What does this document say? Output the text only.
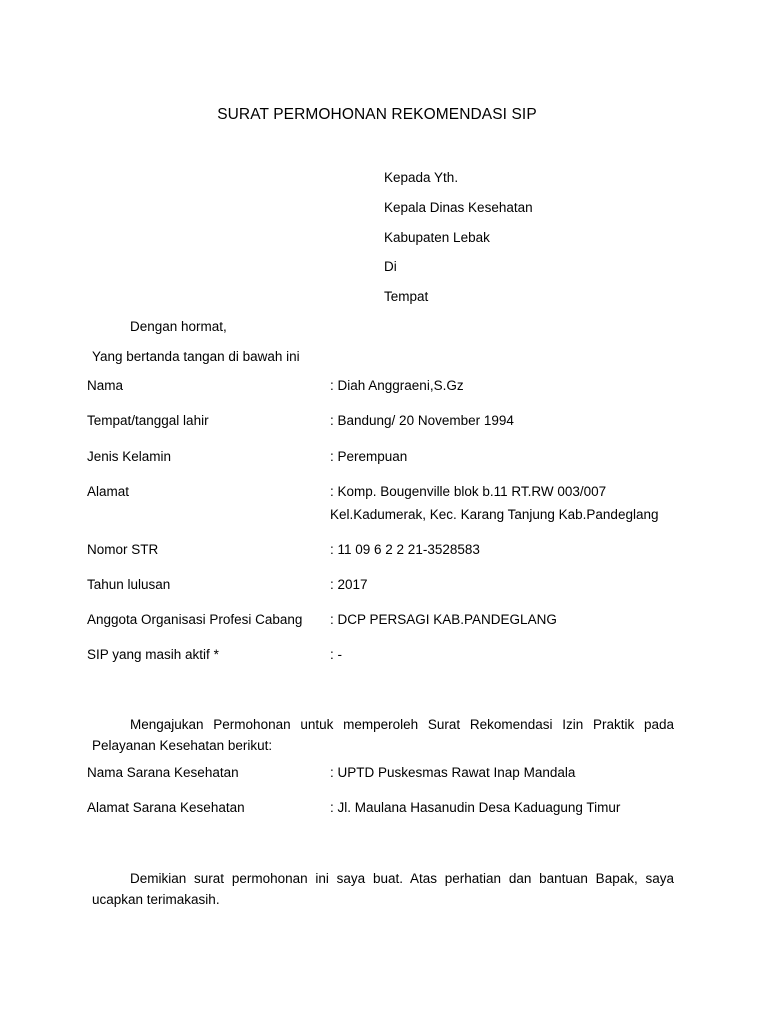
SURAT PERMOHONAN REKOMENDASI SIP
Kepada Yth.
Kepala Dinas Kesehatan
Kabupaten Lebak
Di
Tempat
Dengan hormat,
Yang bertanda tangan di bawah ini
Nama	: Diah Anggraeni,S.Gz
Tempat/tanggal lahir	: Bandung/ 20 November 1994
Jenis Kelamin	: Perempuan
Alamat	: Komp. Bougenville blok b.11 RT.RW 003/007
Kel.Kadumerak, Kec. Karang Tanjung Kab.Pandeglang
Nomor STR	: 11 09 6 2 2 21-3528583
Tahun lulusan	: 2017
Anggota Organisasi Profesi Cabang : DCP PERSAGI KAB.PANDEGLANG
SIP yang masih aktif *	: -
Mengajukan Permohonan untuk memperoleh Surat Rekomendasi Izin Praktik pada
Pelayanan Kesehatan berikut:
Nama Sarana Kesehatan	: UPTD Puskesmas Rawat Inap Mandala
Alamat Sarana Kesehatan	: Jl. Maulana Hasanudin Desa Kaduagung Timur
Demikian surat permohonan ini saya buat. Atas perhatian dan bantuan Bapak, saya
ucapkan terimakasih.
